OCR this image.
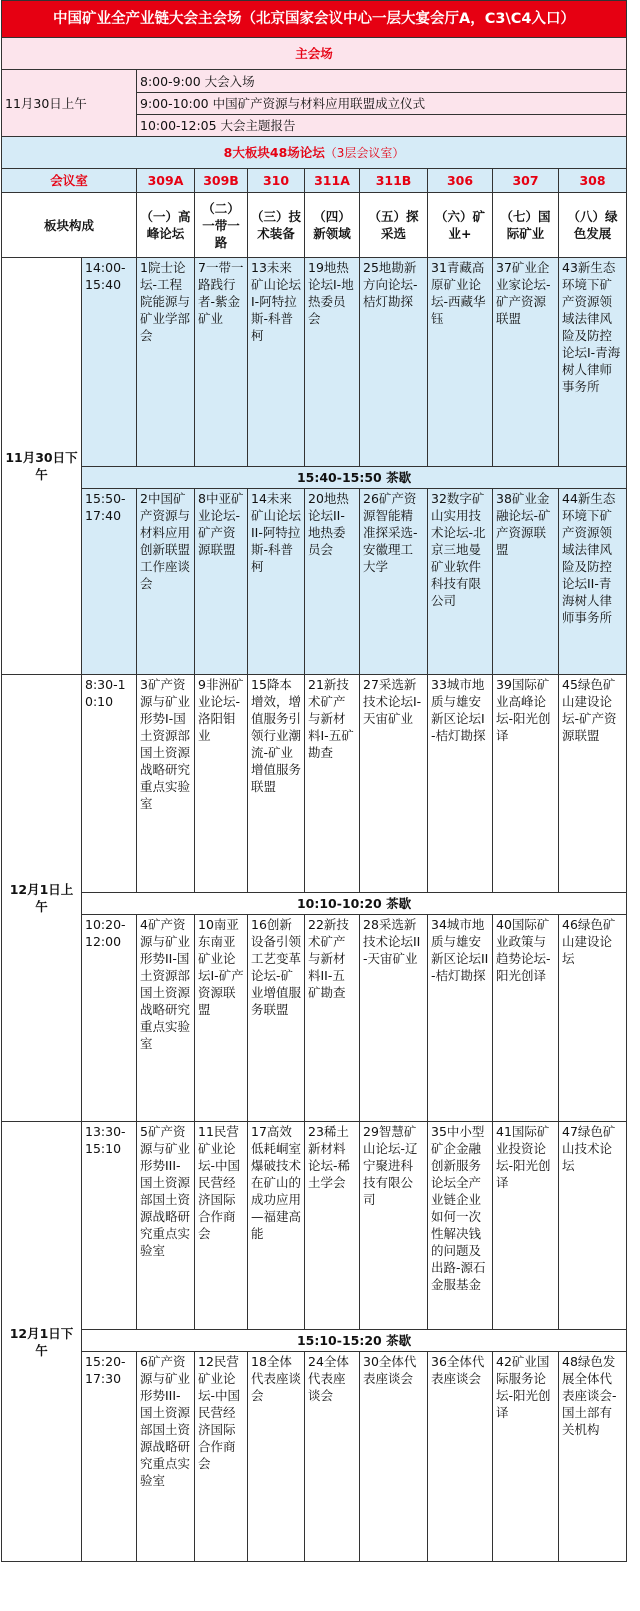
中国矿业全产业链大会主会场（北京国家会议中心一层大宴会厅A，C3\C4入口）									
主会场									
11月30日上午		8:00-9:00 大会入场							
		9:00-10:00 中国矿产资源与材料应用联盟成立仪式							
		10:00-12:05 大会主题报告							
8大板块48场论坛（3层会议室）									
会议室		309A	309B	310	311A	311B	306	307	308
板块构成		（一）高峰论坛	（二）一带一路	（三）技术装备	（四）新领域	（五）探采选	（六）矿业+	（七）国际矿业	（八）绿色发展
11月30日下午	14:00-15:40	1院士论坛-工程院能源与矿业学部会	7一带一路践行者-紫金矿业	13未来矿山论坛I-阿特拉斯-科普柯	19地热论坛I-地热委员会	25地勘新方向论坛-桔灯勘探	31青藏高原矿业论坛-西藏华钰	37矿业企业家论坛-矿产资源联盟	43新生态环境下矿产资源领域法律风险及防控论坛I-青海树人律师事务所
	15:40-15:50 茶歇								
	15:50-17:40	2中国矿产资源与材料应用创新联盟工作座谈会	8中亚矿业论坛-矿产资源联盟	14未来矿山论坛II-阿特拉斯-科普柯	20地热论坛II-地热委员会	26矿产资源智能精准探采选-安徽理工大学	32数字矿山实用技术论坛-北京三地曼矿业软件科技有限公司	38矿业金融论坛-矿产资源联盟	44新生态环境下矿产资源领域法律风险及防控论坛II-青海树人律师事务所
12月1日上午	8:30-10:10	3矿产资源与矿业形势I-国土资源部国土资源战略研究重点实验室	9非洲矿业论坛-洛阳钼业	15降本增效，增值服务引领行业潮流-矿业增值服务联盟	21新技术矿产与新材料I-五矿勘查	27采选新技术论坛I-天宙矿业	33城市地质与雄安新区论坛I-桔灯勘探	39国际矿业高峰论坛-阳光创译	45绿色矿山建设论坛-矿产资源联盟
	10:10-10:20 茶歇								
	10:20-12:00	4矿产资源与矿业形势II-国土资源部国土资源战略研究重点实验室	10南亚东南亚矿业论坛I-矿产资源联盟	16创新设备引领工艺变革论坛-矿业增值服务联盟	22新技术矿产与新材料II-五矿勘查	28采选新技术论坛II-天宙矿业	34城市地质与雄安新区论坛II-桔灯勘探	40国际矿业政策与趋势论坛-阳光创译	46绿色矿山建设论坛
12月1日下午	13:30-15:10	5矿产资源与矿业形势III-国土资源部国土资源战略研究重点实验室	11民营矿业论坛-中国民营经济国际合作商会	17高效低耗峒室爆破技术在矿山的成功应用—福建高能	23稀土新材料论坛-稀土学会	29智慧矿山论坛-辽宁聚进科技有限公司	35中小型矿企金融创新服务论坛全产业链企业如何一次性解决钱的问题及出路-源石金服基金	41国际矿业投资论坛-阳光创译	47绿色矿山技术论坛
	15:10-15:20 茶歇								
	15:20-17:30	6矿产资源与矿业形势III-国土资源部国土资源战略研究重点实验室	12民营矿业论坛-中国民营经济国际合作商会	18全体代表座谈会	24全体代表座谈会	30全体代表座谈会	36全体代表座谈会	42矿业国际服务论坛-阳光创译	48绿色发展全体代表座谈会-国土部有关机构
